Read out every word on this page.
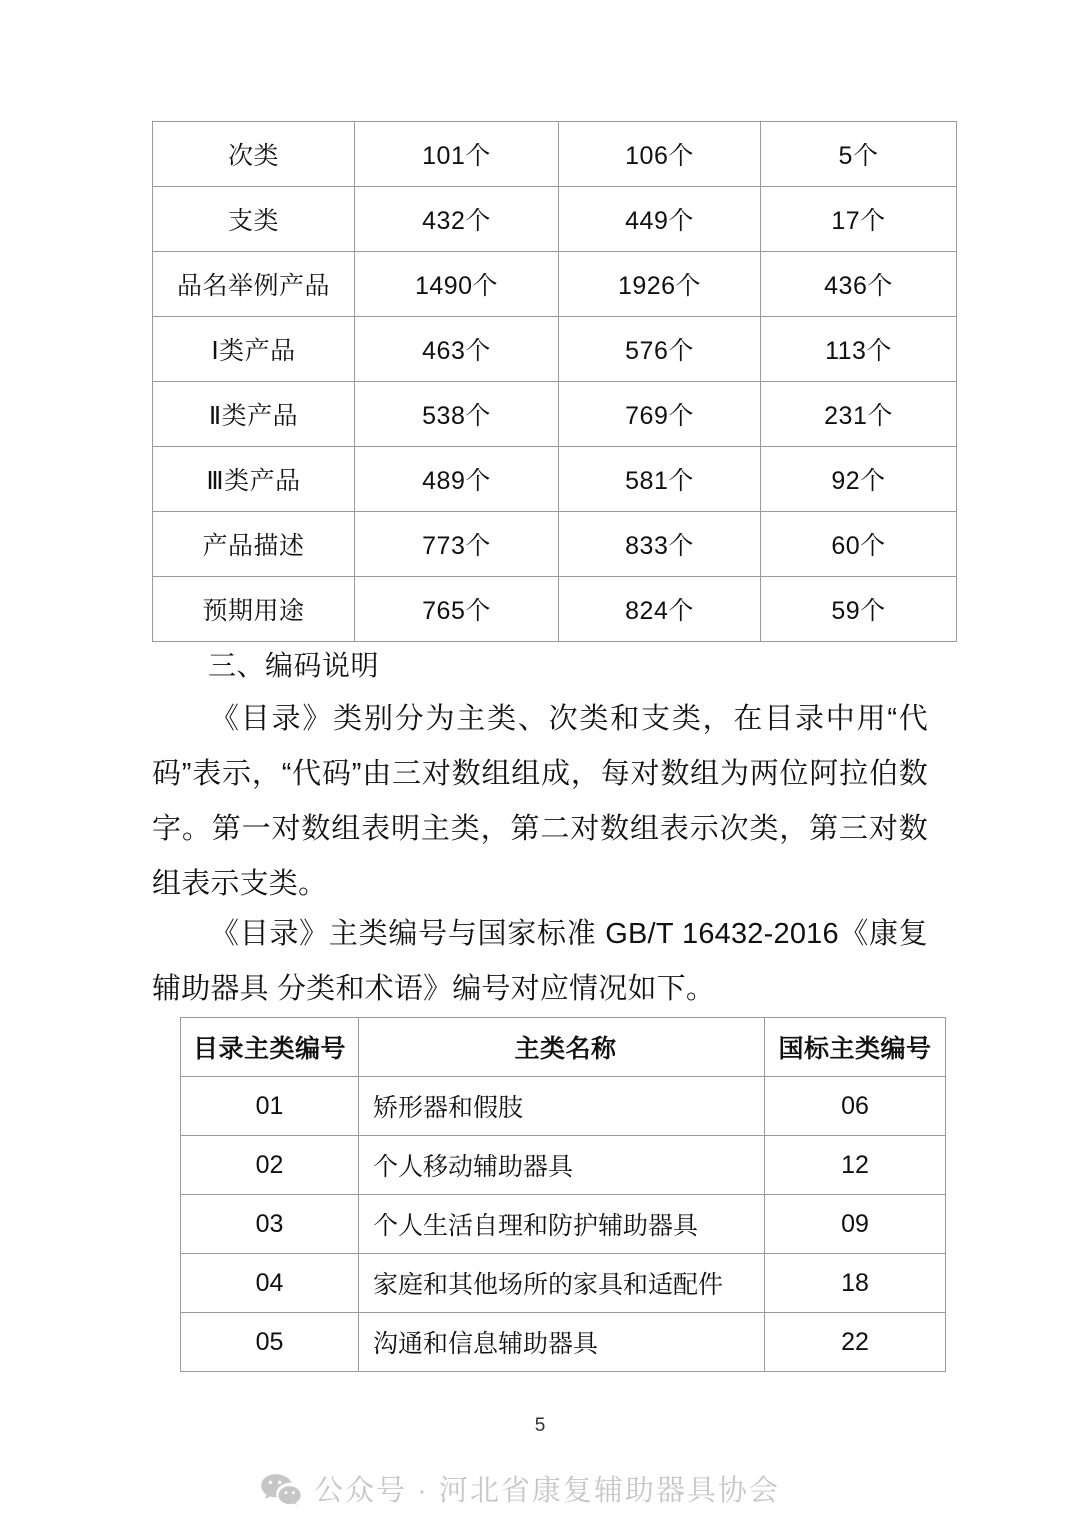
次类	101个	106个	5个
支类	432个	449个	17个
品名举例产品	1490个	1926个	436个
Ⅰ类产品	463个	576个	113个
Ⅱ类产品	538个	769个	231个
Ⅲ类产品	489个	581个	92个
产品描述	773个	833个	60个
预期用途	765个	824个	59个

三、编码说明

《目录》类别分为主类、次类和支类，在目录中用“代码”表示，“代码”由三对数组组成，每对数组为两位阿拉伯数字。第一对数组表明主类，第二对数组表示次类，第三对数组表示支类。

《目录》主类编号与国家标准 GB/T 16432-2016《康复辅助器具 分类和术语》编号对应情况如下。

目录主类编号	主类名称	国标主类编号
01	矫形器和假肢	06
02	个人移动辅助器具	12
03	个人生活自理和防护辅助器具	09
04	家庭和其他场所的家具和适配件	18
05	沟通和信息辅助器具	22
5
公众号 · 河北省康复辅助器具协会
